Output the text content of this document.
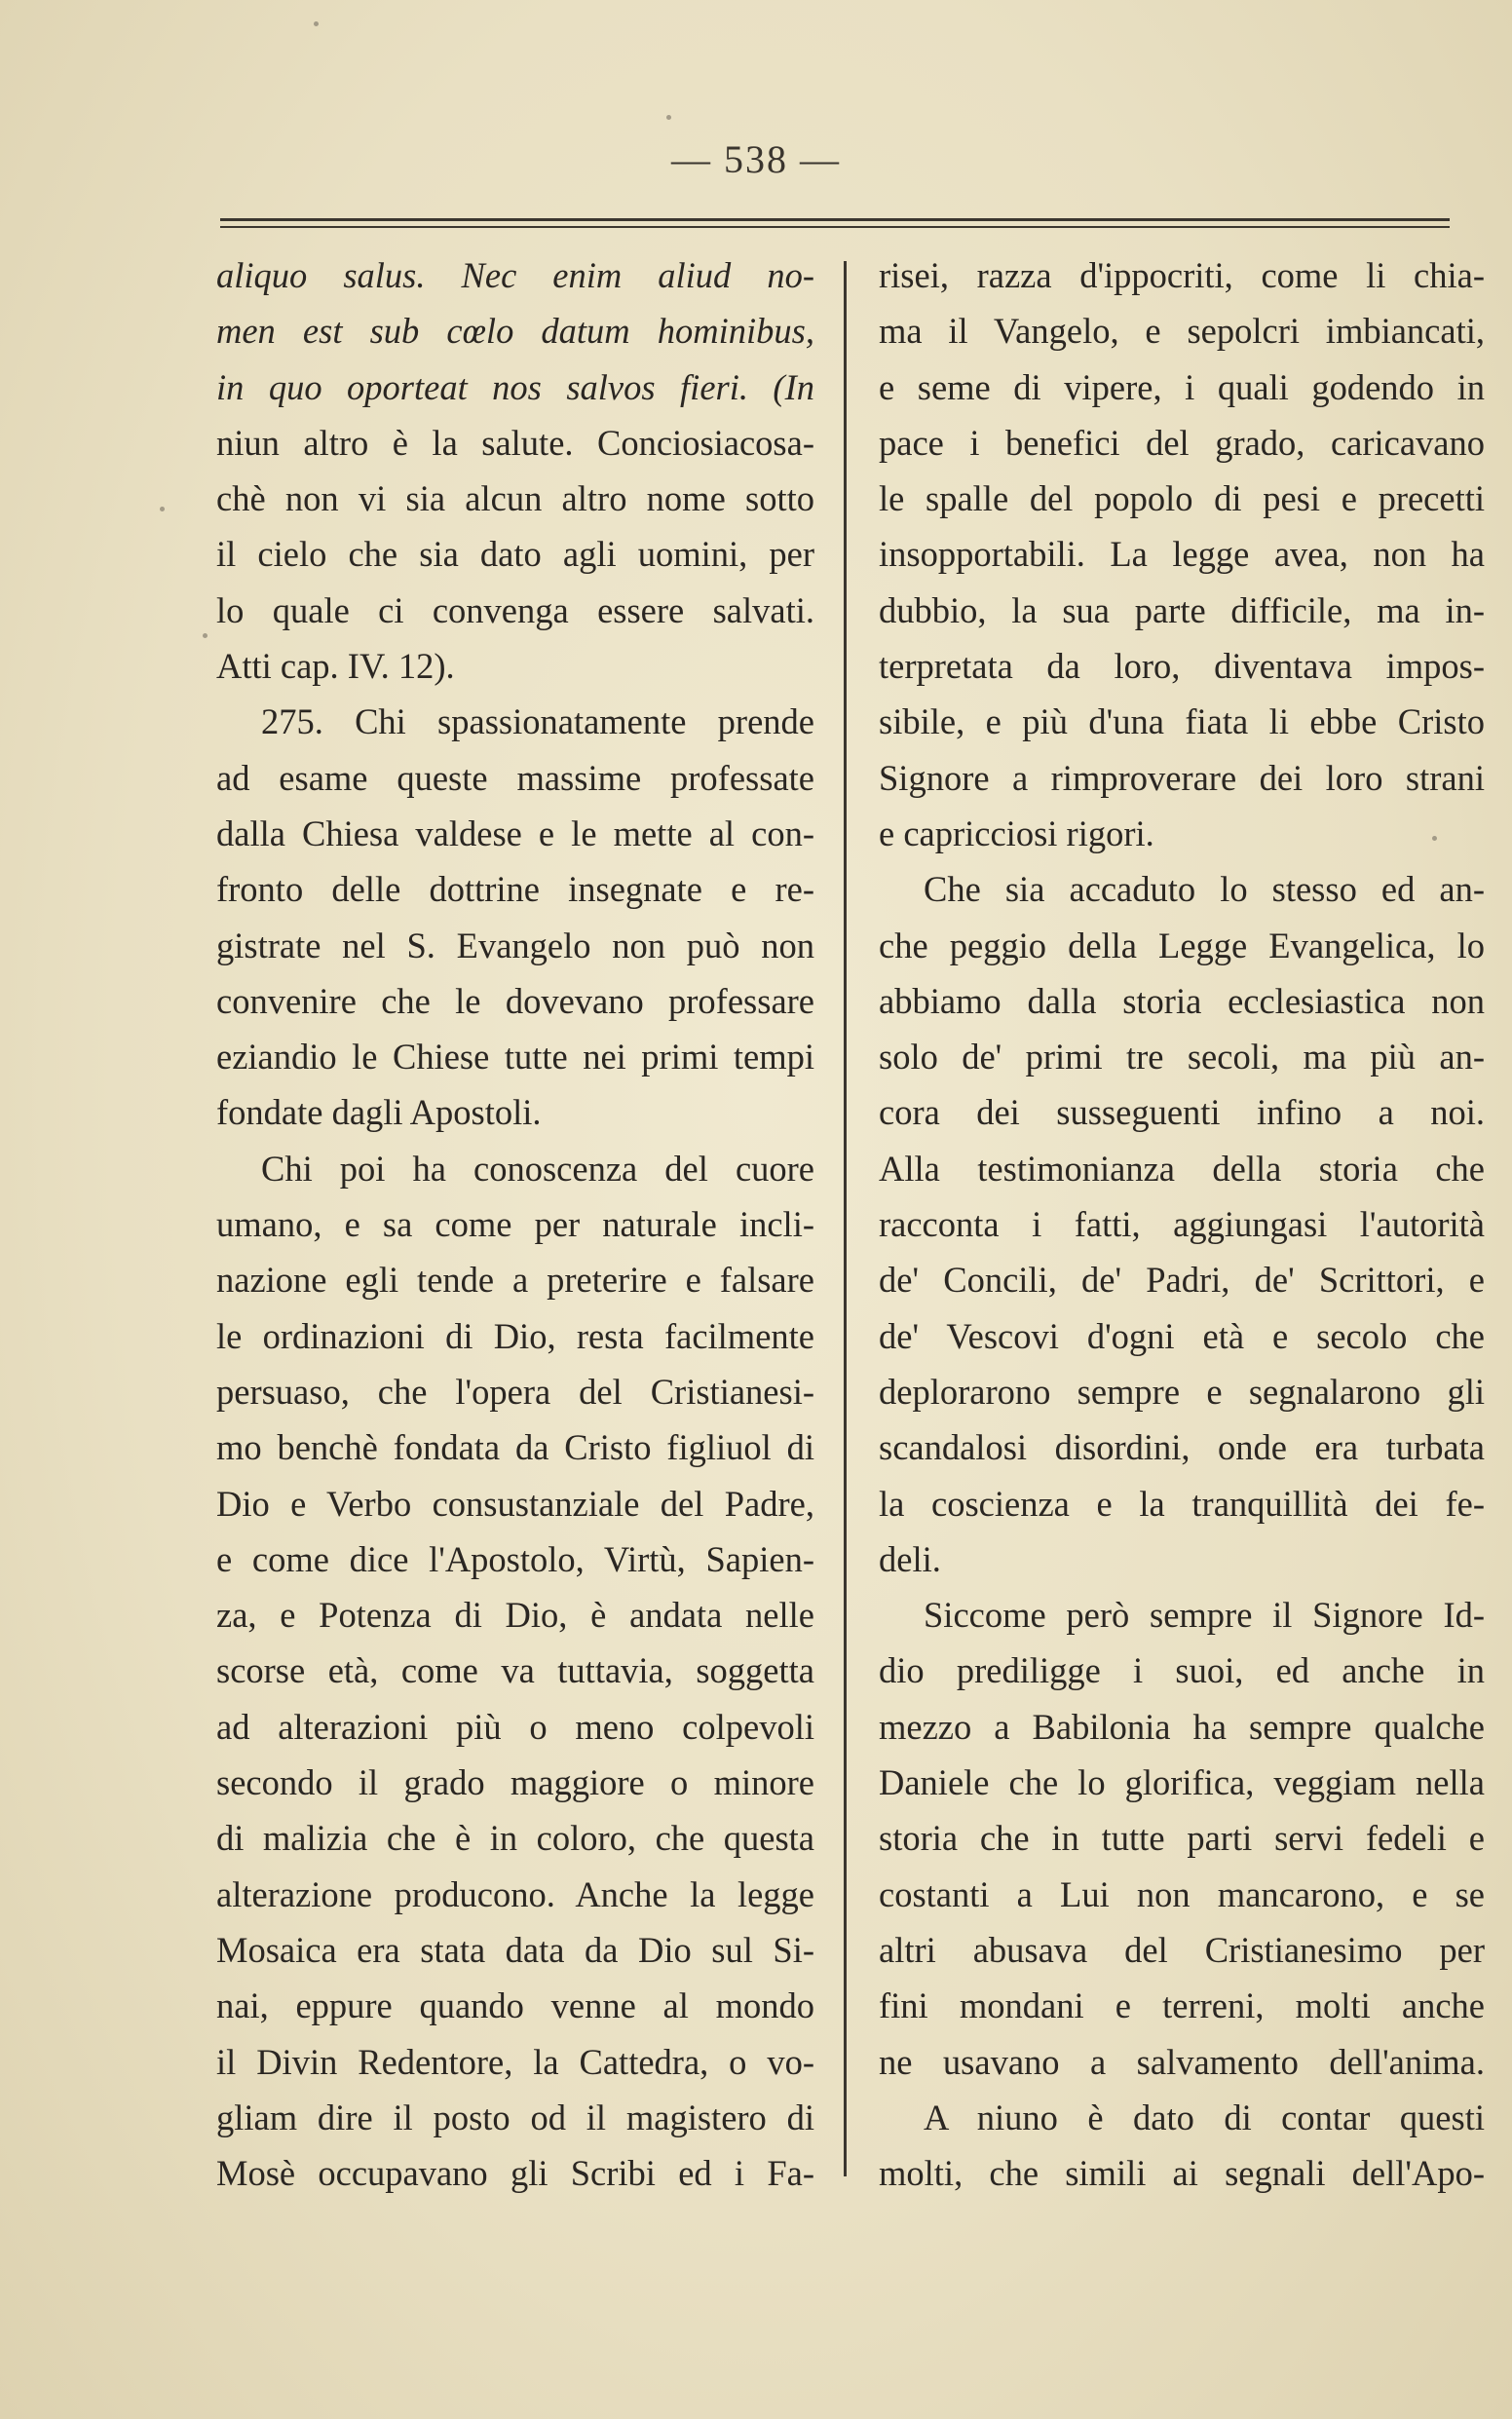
— 538 —
aliquo salus. Nec enim aliud no-
men est sub cœlo datum hominibus,
in quo oporteat nos salvos fieri. (In
niun altro è la salute. Conciosiacosa-
chè non vi sia alcun altro nome sotto
il cielo che sia dato agli uomini, per
lo quale ci convenga essere salvati.
Atti cap. IV. 12).
275. Chi spassionatamente prende
ad esame queste massime professate
dalla Chiesa valdese e le mette al con-
fronto delle dottrine insegnate e re-
gistrate nel S. Evangelo non può non
convenire che le dovevano professare
eziandio le Chiese tutte nei primi tempi
fondate dagli Apostoli.
Chi poi ha conoscenza del cuore
umano, e sa come per naturale incli-
nazione egli tende a preterire e falsare
le ordinazioni di Dio, resta facilmente
persuaso, che l'opera del Cristianesi-
mo benchè fondata da Cristo figliuol di
Dio e Verbo consustanziale del Padre,
e come dice l'Apostolo, Virtù, Sapien-
za, e Potenza di Dio, è andata nelle
scorse età, come va tuttavia, soggetta
ad alterazioni più o meno colpevoli
secondo il grado maggiore o minore
di malizia che è in coloro, che questa
alterazione producono. Anche la legge
Mosaica era stata data da Dio sul Si-
nai, eppure quando venne al mondo
il Divin Redentore, la Cattedra, o vo-
gliam dire il posto od il magistero di
Mosè occupavano gli Scribi ed i Fa-
risei, razza d'ippocriti, come li chia-
ma il Vangelo, e sepolcri imbiancati,
e seme di vipere, i quali godendo in
pace i benefici del grado, caricavano
le spalle del popolo di pesi e precetti
insopportabili. La legge avea, non ha
dubbio, la sua parte difficile, ma in-
terpretata da loro, diventava impos-
sibile, e più d'una fiata li ebbe Cristo
Signore a rimproverare dei loro strani
e capricciosi rigori.
Che sia accaduto lo stesso ed an-
che peggio della Legge Evangelica, lo
abbiamo dalla storia ecclesiastica non
solo de' primi tre secoli, ma più an-
cora dei susseguenti infino a noi.
Alla testimonianza della storia che
racconta i fatti, aggiungasi l'autorità
de' Concili, de' Padri, de' Scrittori, e
de' Vescovi d'ogni età e secolo che
deplorarono sempre e segnalarono gli
scandalosi disordini, onde era turbata
la coscienza e la tranquillità dei fe-
deli.
Siccome però sempre il Signore Id-
dio prediligge i suoi, ed anche in
mezzo a Babilonia ha sempre qualche
Daniele che lo glorifica, veggiam nella
storia che in tutte parti servi fedeli e
costanti a Lui non mancarono, e se
altri abusava del Cristianesimo per
fini mondani e terreni, molti anche
ne usavano a salvamento dell'anima.
A niuno è dato di contar questi
molti, che simili ai segnali dell'Apo-
